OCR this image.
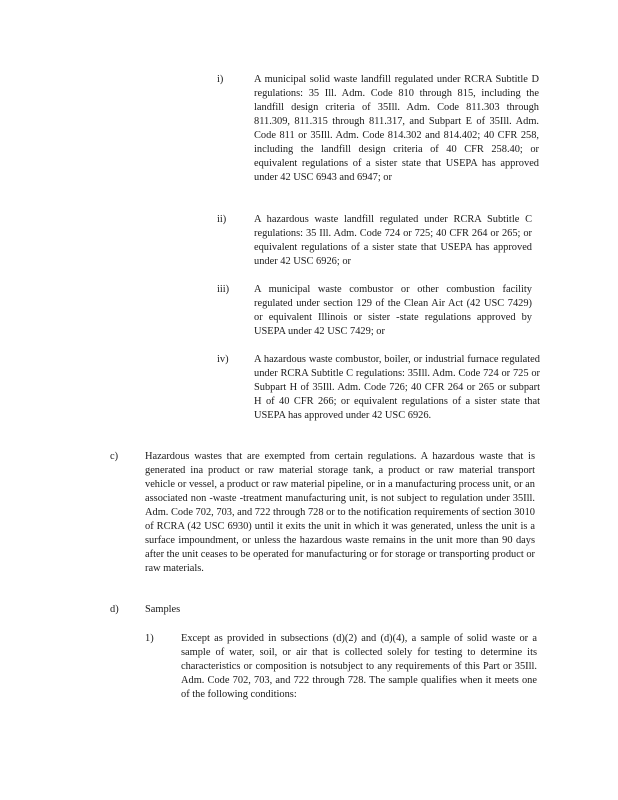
i)	A municipal solid waste landfill regulated under RCRA Subtitle D regulations: 35 Ill. Adm. Code 810 through 815, including the landfill design criteria of 35Ill. Adm. Code 811.303 through 811.309, 811.315 through 811.317, and Subpart E of 35Ill. Adm. Code 811 or 35Ill. Adm. Code 814.302 and 814.402; 40 CFR 258, including the landfill design criteria of 40 CFR 258.40; or equivalent regulations of a sister state that USEPA has approved under 42 USC 6943 and 6947; or
ii)	A hazardous waste landfill regulated under RCRA Subtitle C regulations: 35 Ill. Adm. Code 724 or 725; 40 CFR 264 or 265; or equivalent regulations of a sister state that USEPA has approved under 42 USC 6926; or
iii) A municipal waste combustor or other combustion facility regulated under section 129 of the Clean Air Act (42 USC 7429) or equivalent Illinois or sister -state regulations approved by USEPA under 42 USC 7429; or
iv) A hazardous waste combustor, boiler, or industrial furnace regulated under RCRA Subtitle C regulations: 35Ill. Adm. Code 724 or 725 or Subpart H of 35Ill. Adm. Code 726; 40 CFR 264 or 265 or subpart H of 40 CFR 266; or equivalent regulations of a sister state that USEPA has approved under 42 USC 6926.
c)	Hazardous wastes that are exempted from certain regulations. A hazardous waste that is generated ina product or raw material storage tank, a product or raw material transport vehicle or vessel, a product or raw material pipeline, or in a manufacturing process unit, or an associated non -waste -treatment manufacturing unit, is not subject to regulation under 35Ill. Adm. Code 702, 703, and 722 through 728 or to the notification requirements of section 3010 of RCRA (42 USC 6930) until it exits the unit in which it was generated, unless the unit is a surface impoundment, or unless the hazardous waste remains in the unit more than 90 days after the unit ceases to be operated for manufacturing or for storage or transporting product or raw materials.
d)	Samples
1)	Except as provided in subsections (d)(2) and (d)(4), a sample of solid waste or a sample of water, soil, or air that is collected solely for testing to determine its characteristics or composition is notsubject to any requirements of this Part or 35Ill. Adm. Code 702, 703, and 722 through 728. The sample qualifies when it meets one of the following conditions:
